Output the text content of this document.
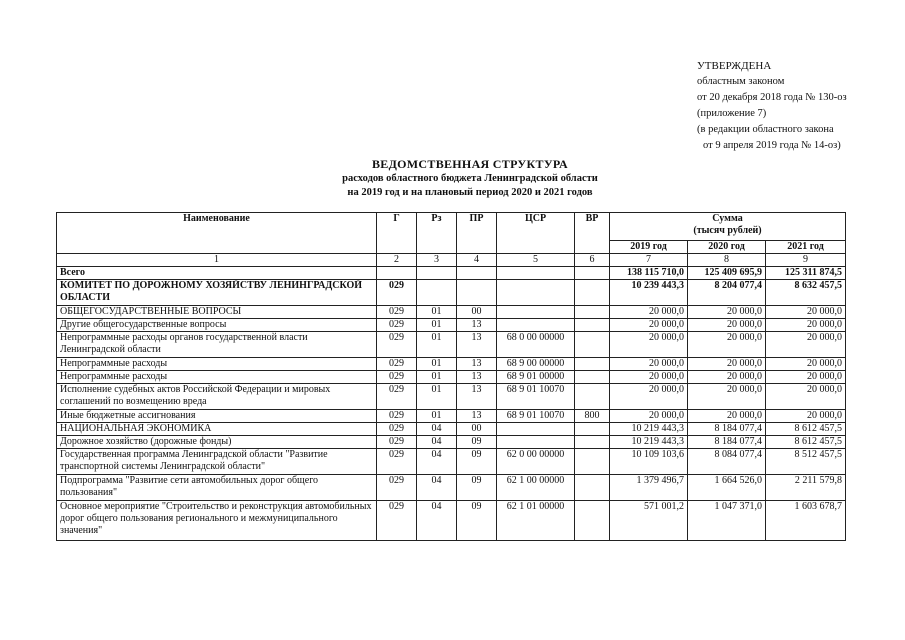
УТВЕРЖДЕНА
областным законом
от 20 декабря 2018 года № 130-оз
(приложение 7)
(в редакции областного закона
от 9 апреля 2019 года № 14-оз)
ВЕДОМСТВЕННАЯ СТРУКТУРА
расходов областного бюджета Ленинградской области
на 2019 год и на плановый период 2020 и 2021 годов
Наименование	Г	Рз	ПР	ЦСР	ВР	Сумма
(тысяч рублей)		

						2019 год	2020 год	2021 год
1	2	3	4	5	6	7	8	9
Всего						138 115 710,0	125 409 695,9	125 311 874,5
КОМИТЕТ ПО ДОРОЖНОМУ ХОЗЯЙСТВУ ЛЕНИНГРАДСКОЙ ОБЛАСТИ	029					10 239 443,3	8 204 077,4	8 632 457,5
ОБЩЕГОСУДАРСТВЕННЫЕ ВОПРОСЫ	029	01	00			20 000,0	20 000,0	20 000,0
Другие общегосударственные вопросы	029	01	13			20 000,0	20 000,0	20 000,0
Непрограммные расходы органов государственной власти Ленинградской области	029	01	13	68 0 00 00000		20 000,0	20 000,0	20 000,0
Непрограммные расходы	029	01	13	68 9 00 00000		20 000,0	20 000,0	20 000,0
Непрограммные расходы	029	01	13	68 9 01 00000		20 000,0	20 000,0	20 000,0
Исполнение судебных актов Российской Федерации и мировых соглашений по возмещению вреда	029	01	13	68 9 01 10070		20 000,0	20 000,0	20 000,0
Иные бюджетные ассигнования	029	01	13	68 9 01 10070	800	20 000,0	20 000,0	20 000,0
НАЦИОНАЛЬНАЯ ЭКОНОМИКА	029	04	00			10 219 443,3	8 184 077,4	8 612 457,5
Дорожное хозяйство (дорожные фонды)	029	04	09			10 219 443,3	8 184 077,4	8 612 457,5
Государственная программа Ленинградской области "Развитие транспортной системы Ленинградской области"	029	04	09	62 0 00 00000		10 109 103,6	8 084 077,4	8 512 457,5
Подпрограмма "Развитие сети автомобильных дорог общего пользования"	029	04	09	62 1 00 00000		1 379 496,7	1 664 526,0	2 211 579,8
Основное мероприятие "Строительство и реконструкция автомобильных дорог общего пользования регионального и межмуниципального значения"	029	04	09	62 1 01 00000		571 001,2	1 047 371,0	1 603 678,7
